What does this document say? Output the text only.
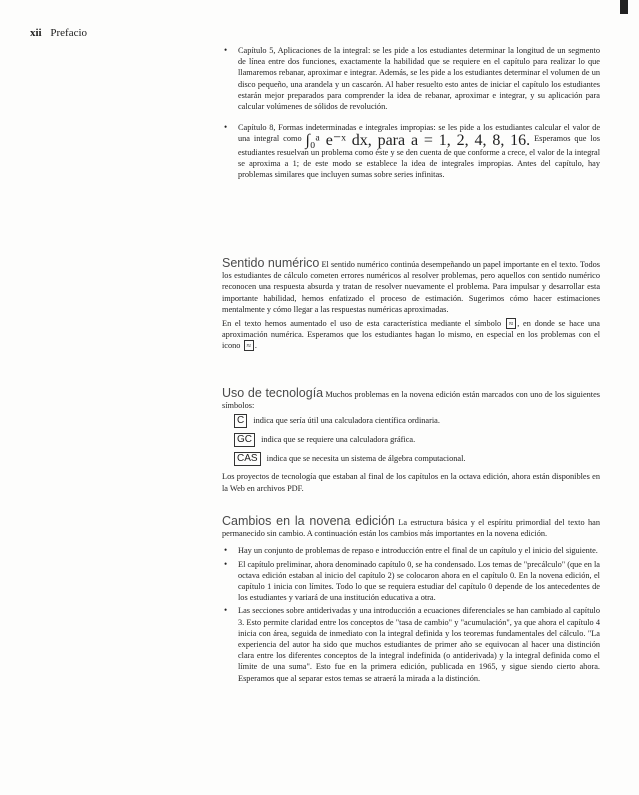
xii Prefacio
• Capítulo 5, Aplicaciones de la integral: se les pide a los estudiantes determinar la longitud de un segmento de línea entre dos funciones, exactamente la habilidad que se requiere en el capítulo para realizar lo que llamaremos rebanar, aproximar e integrar. Además, se les pide a los estudiantes determinar el volumen de un disco pequeño, una arandela y un cascarón. Al haber resuelto esto antes de iniciar el capítulo los estudiantes estarán mejor preparados para comprender la idea de rebanar, aproximar e integrar, y su aplicación para calcular volúmenes de sólidos de revolución.
• Capítulo 8, Formas indeterminadas e integrales impropias: se les pide a los estudiantes calcular el valor de una integral como ∫₀ᵃ e⁻ˣ dx, para a = 1, 2, 4, 8, 16. Esperamos que los estudiantes resuelvan un problema como éste y se den cuenta de que conforme a crece, el valor de la integral se aproxima a 1; de este modo se establece la idea de integrales impropias. Antes del capítulo, hay problemas similares que incluyen sumas sobre series infinitas.

Sentido numérico El sentido numérico continúa desempeñando un papel importante en el texto. Todos los estudiantes de cálculo cometen errores numéricos al resolver problemas, pero aquellos con sentido numérico reconocen una respuesta absurda y tratan de resolver nuevamente el problema. Para impulsar y desarrollar esta importante habilidad, hemos enfatizado el proceso de estimación. Sugerimos cómo hacer estimaciones mentalmente y cómo llegar a las respuestas numéricas aproximadas.

En el texto hemos aumentado el uso de esta característica mediante el símbolo ≈ , en donde se hace una aproximación numérica. Esperamos que los estudiantes hagan lo mismo, en especial en los problemas con el icono ≈ .

Uso de tecnología Muchos problemas en la novena edición están marcados con uno de los siguientes símbolos:

C indica que sería útil una calculadora científica ordinaria.
GC indica que se requiere una calculadora gráfica.
CAS indica que se necesita un sistema de álgebra computacional.

Los proyectos de tecnología que estaban al final de los capítulos en la octava edición, ahora están disponibles en la Web en archivos PDF.

Cambios en la novena edición La estructura básica y el espíritu primordial del texto han permanecido sin cambio. A continuación están los cambios más importantes en la novena edición.

• Hay un conjunto de problemas de repaso e introducción entre el final de un capítulo y el inicio del siguiente.
• El capítulo preliminar, ahora denominado capítulo 0, se ha condensado. Los temas de "precálculo" (que en la octava edición estaban al inicio del capítulo 2) se colocaron ahora en el capítulo 0. En la novena edición, el capítulo 1 inicia con límites. Todo lo que se requiera estudiar del capítulo 0 depende de los antecedentes de los estudiantes y variará de una institución educativa a otra.
• Las secciones sobre antiderivadas y una introducción a ecuaciones diferenciales se han cambiado al capítulo 3. Esto permite claridad entre los conceptos de "tasa de cambio" y "acumulación", ya que ahora el capítulo 4 inicia con área, seguida de inmediato con la integral definida y los teoremas fundamentales del cálculo. "La experiencia del autor ha sido que muchos estudiantes de primer año se equivocan al hacer una distinción clara entre los diferentes conceptos de la integral indefinida (o antiderivada) y la integral definida como el límite de una suma". Esto fue en la primera edición, publicada en 1965, y sigue siendo cierto ahora. Esperamos que al separar estos temas se atraerá la mirada a la distinción.
